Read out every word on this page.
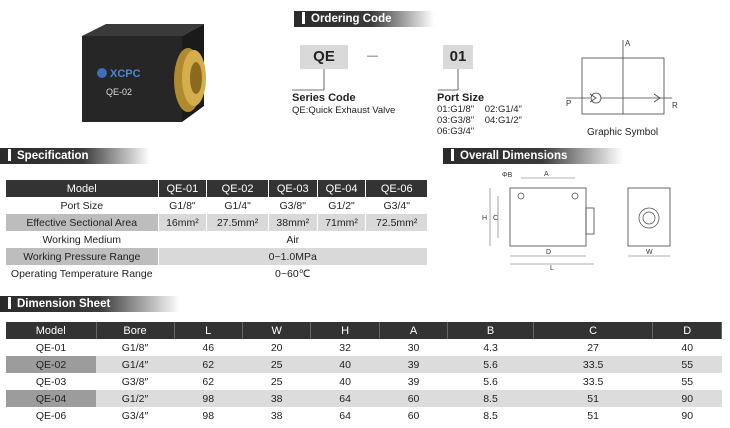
XCPC
QE-02
Ordering Code
QE	—	01
Series Code
QE:Quick Exhaust Valve
Port Size
01:G1/8"    02:G1/4"
03:G3/8"    04:G1/2"
06:G3/4"
A
P	R
Graphic Symbol
Specification
Model	QE-01	QE-02	QE-03	QE-04	QE-06
Port Size	G1/8"	G1/4"	G3/8"	G1/2"	G3/4"
Effective Sectional Area	16mm²	27.5mm²	38mm²	71mm²	72.5mm²
Working Medium	Air				
Working Pressure Range	0~1.0MPa				
Operating Temperature Range	0~60℃				
Overall Dimensions
A
ΦB
H C
D
L
W
Dimension Sheet
Model	Bore	L	W	H	A	B	C	D
QE-01	G1/8″	46	20	32	30	4.3	27	40
QE-02	G1/4″	62	25	40	39	5.6	33.5	55
QE-03	G3/8″	62	25	40	39	5.6	33.5	55
QE-04	G1/2″	98	38	64	60	8.5	51	90
QE-06	G3/4″	98	38	64	60	8.5	51	90
